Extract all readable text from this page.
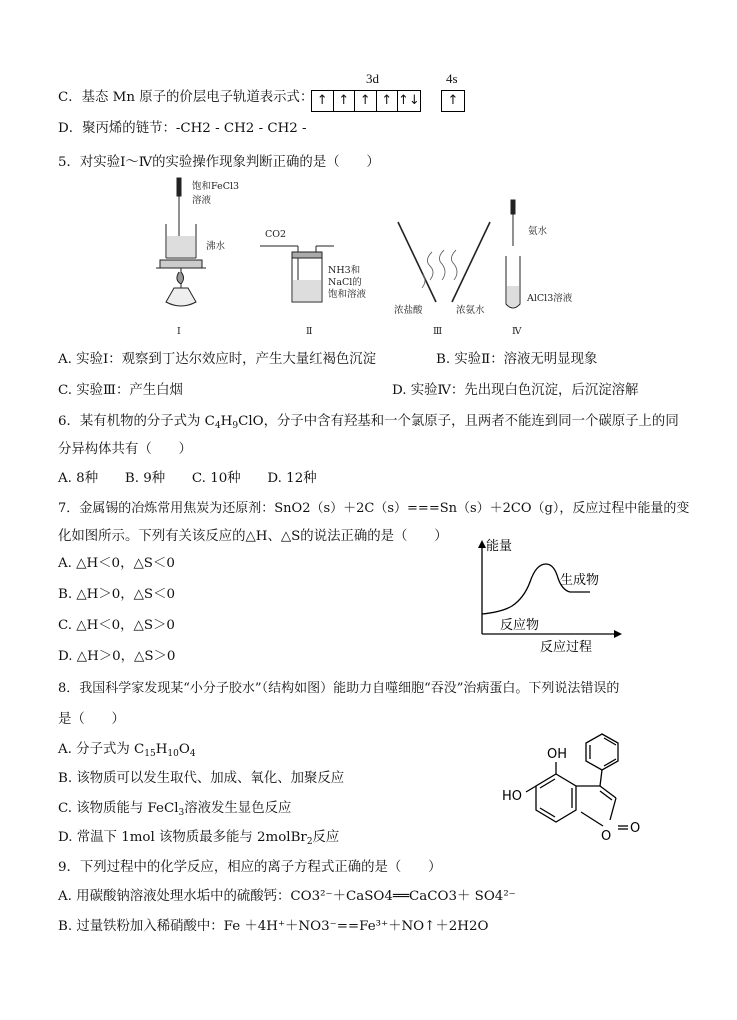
C．基态 Mn 原子的价层电子轨道表示式：
3d	4s
↑ ↑ ↑ ↑ ↑↓	↑
D．聚丙烯的链节：-CH2 - CH2 - CH2 -
5．对实验Ⅰ～Ⅳ的实验操作现象判断正确的是（　　）
饱和FeCl3
溶液
沸水
CO2
NH3和
NaCl的
饱和溶液
浓盐酸	浓氨水
氨水
AlCl3溶液
Ⅰ	Ⅱ	Ⅲ	Ⅳ
A. 实验Ⅰ：观察到丁达尔效应时，产生大量红褐色沉淀	B. 实验Ⅱ：溶液无明显现象
C. 实验Ⅲ：产生白烟	D. 实验Ⅳ：先出现白色沉淀，后沉淀溶解
6．某有机物的分子式为 $C_4H_9ClO$，分子中含有羟基和一个氯原子，且两者不能连到同一个碳原子上的同
分异构体共有（　　）
A. 8种　　B. 9种　　C. 10种　　D. 12种
7．金属锡的冶炼常用焦炭为还原剂：SnO2（s）＋2C（s）===Sn（s）＋2CO（g），反应过程中能量的变
化如图所示。下列有关该反应的△H、△S的说法正确的是（　　）
A. △H＜0，△S＜0
B. △H＞0，△S＜0
C. △H＜0，△S＞0
D. △H＞0，△S＞0
能量
生成物
反应物
反应过程
8．我国科学家发现某“小分子胶水”（结构如图）能助力自噬细胞“吞没”治病蛋白。下列说法错误的
是（　　）
A. 分子式为 $C_{15}H_{10}O_4$
B. 该物质可以发生取代、加成、氧化、加聚反应
C. 该物质能与 FeCl$_3$溶液发生显色反应
D. 常温下 1mol 该物质最多能与 2molBr$_2$反应
OH
HO
O
O
9．下列过程中的化学反应，相应的离子方程式正确的是（　　）
A. 用碳酸钠溶液处理水垢中的硫酸钙：CO3²⁻＋CaSO4══CaCO3＋ SO4²⁻
B. 过量铁粉加入稀硝酸中：Fe ＋4H⁺＋NO3⁻==Fe³⁺＋NO↑＋2H2O
